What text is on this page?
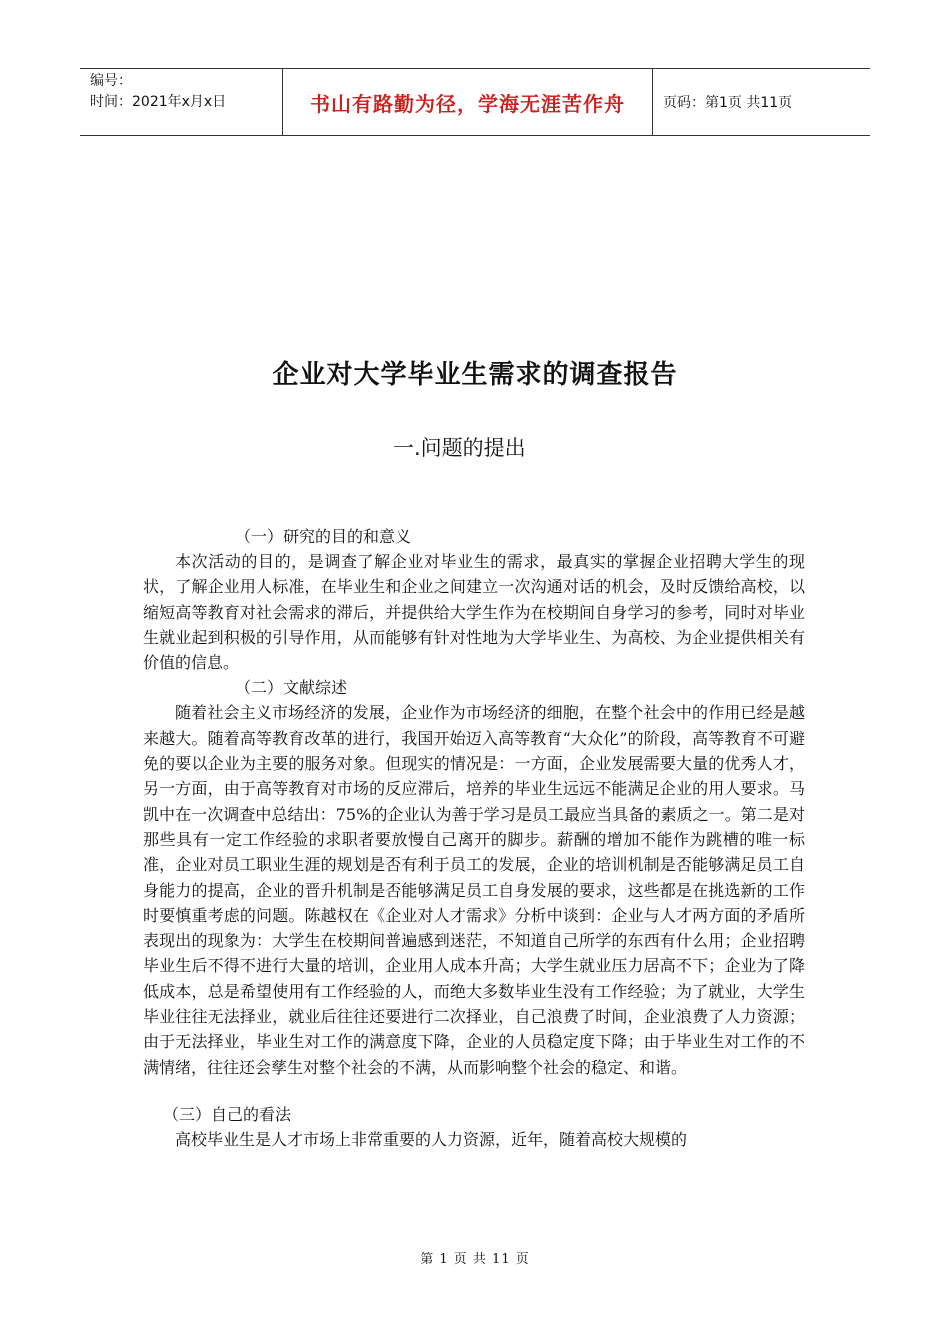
编号：
时间：2021年x月x日	书山有路勤为径，学海无涯苦作舟	页码：第1页 共11页
企业对大学毕业生需求的调查报告
一.问题的提出
（一）研究的目的和意义

本次活动的目的，是调查了解企业对毕业生的需求，最真实的掌握企业招聘大学生的现状，了解企业用人标准，在毕业生和企业之间建立一次沟通对话的机会，及时反馈给高校，以缩短高等教育对社会需求的滞后，并提供给大学生作为在校期间自身学习的参考，同时对毕业生就业起到积极的引导作用，从而能够有针对性地为大学毕业生、为高校、为企业提供相关有价值的信息。

（二）文献综述

随着社会主义市场经济的发展，企业作为市场经济的细胞，在整个社会中的作用已经是越来越大。随着高等教育改革的进行，我国开始迈入高等教育“大众化”的阶段，高等教育不可避免的要以企业为主要的服务对象。但现实的情况是：一方面，企业发展需要大量的优秀人才，另一方面，由于高等教育对市场的反应滞后，培养的毕业生远远不能满足企业的用人要求。马凯中在一次调查中总结出：75%的企业认为善于学习是员工最应当具备的素质之一。第二是对那些具有一定工作经验的求职者要放慢自己离开的脚步。薪酬的增加不能作为跳槽的唯一标准，企业对员工职业生涯的规划是否有利于员工的发展，企业的培训机制是否能够满足员工自身能力的提高，企业的晋升机制是否能够满足员工自身发展的要求，这些都是在挑选新的工作时要慎重考虑的问题。陈越权在《企业对人才需求》分析中谈到：企业与人才两方面的矛盾所表现出的现象为：大学生在校期间普遍感到迷茫，不知道自己所学的东西有什么用；企业招聘毕业生后不得不进行大量的培训，企业用人成本升高；大学生就业压力居高不下；企业为了降低成本，总是希望使用有工作经验的人，而绝大多数毕业生没有工作经验；为了就业，大学生毕业往往无法择业，就业后往往还要进行二次择业，自己浪费了时间，企业浪费了人力资源；由于无法择业，毕业生对工作的满意度下降，企业的人员稳定度下降；由于毕业生对工作的不满情绪，往往还会孳生对整个社会的不满，从而影响整个社会的稳定、和谐。

（三）自己的看法

高校毕业生是人才市场上非常重要的人力资源，近年，随着高校大规模的

第 1 页 共 11 页
